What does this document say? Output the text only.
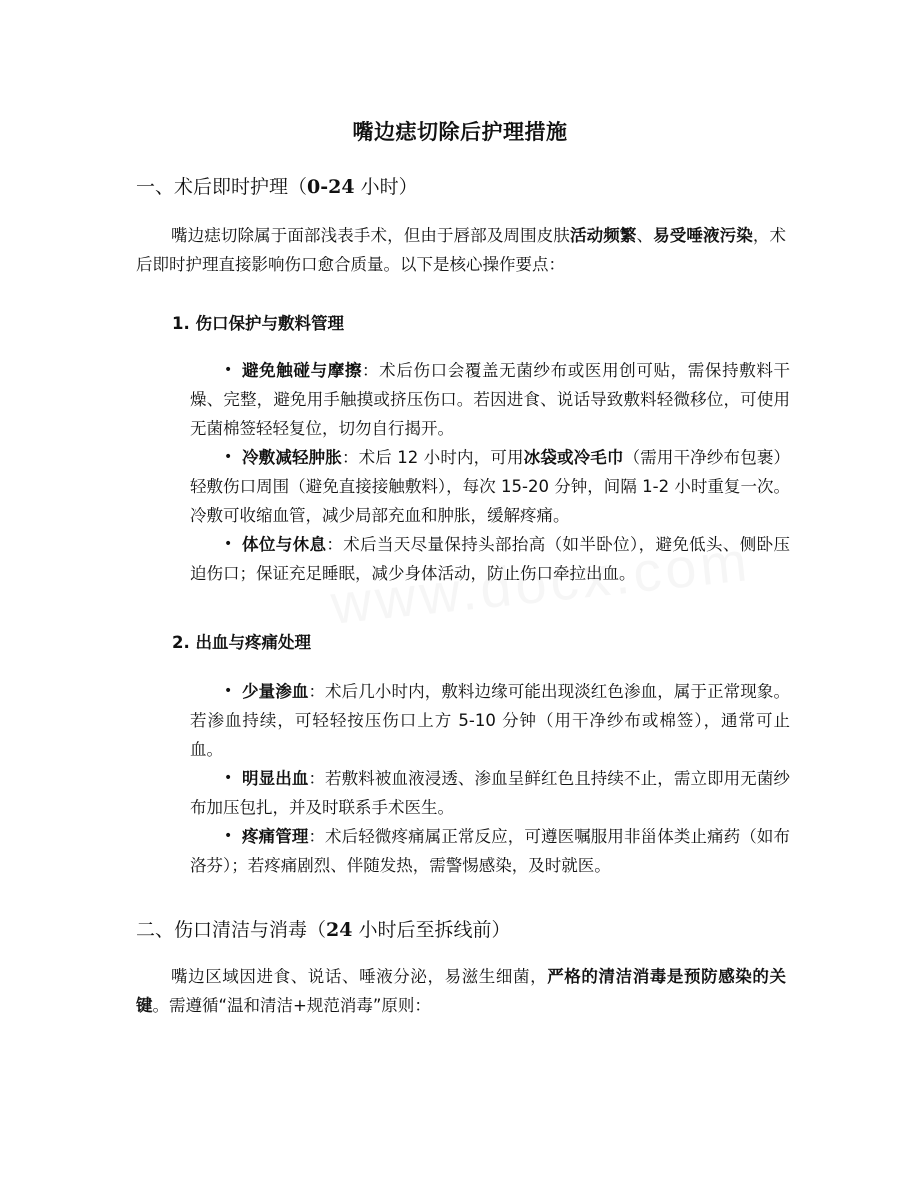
嘴边痣切除后护理措施
一、术后即时护理（0-24 小时）

嘴边痣切除属于面部浅表手术，但由于唇部及周围皮肤活动频繁、易受唾液污染，术后即时护理直接影响伤口愈合质量。以下是核心操作要点：

1. 伤口保护与敷料管理

• 避免触碰与摩擦：术后伤口会覆盖无菌纱布或医用创可贴，需保持敷料干燥、完整，避免用手触摸或挤压伤口。若因进食、说话导致敷料轻微移位，可使用无菌棉签轻轻复位，切勿自行揭开。

• 冷敷减轻肿胀：术后 12 小时内，可用冰袋或冷毛巾（需用干净纱布包裹）轻敷伤口周围（避免直接接触敷料），每次 15-20 分钟，间隔 1-2 小时重复一次。冷敷可收缩血管，减少局部充血和肿胀，缓解疼痛。

• 体位与休息：术后当天尽量保持头部抬高（如半卧位），避免低头、侧卧压迫伤口；保证充足睡眠，减少身体活动，防止伤口牵拉出血。

2. 出血与疼痛处理

• 少量渗血：术后几小时内，敷料边缘可能出现淡红色渗血，属于正常现象。若渗血持续，可轻轻按压伤口上方 5-10 分钟（用干净纱布或棉签），通常可止血。

• 明显出血：若敷料被血液浸透、渗血呈鲜红色且持续不止，需立即用无菌纱布加压包扎，并及时联系手术医生。

• 疼痛管理：术后轻微疼痛属正常反应，可遵医嘱服用非甾体类止痛药（如布洛芬）；若疼痛剧烈、伴随发热，需警惕感染，及时就医。

二、伤口清洁与消毒（24 小时后至拆线前）

嘴边区域因进食、说话、唾液分泌，易滋生细菌，严格的清洁消毒是预防感染的关键。需遵循“温和清洁+规范消毒”原则：
